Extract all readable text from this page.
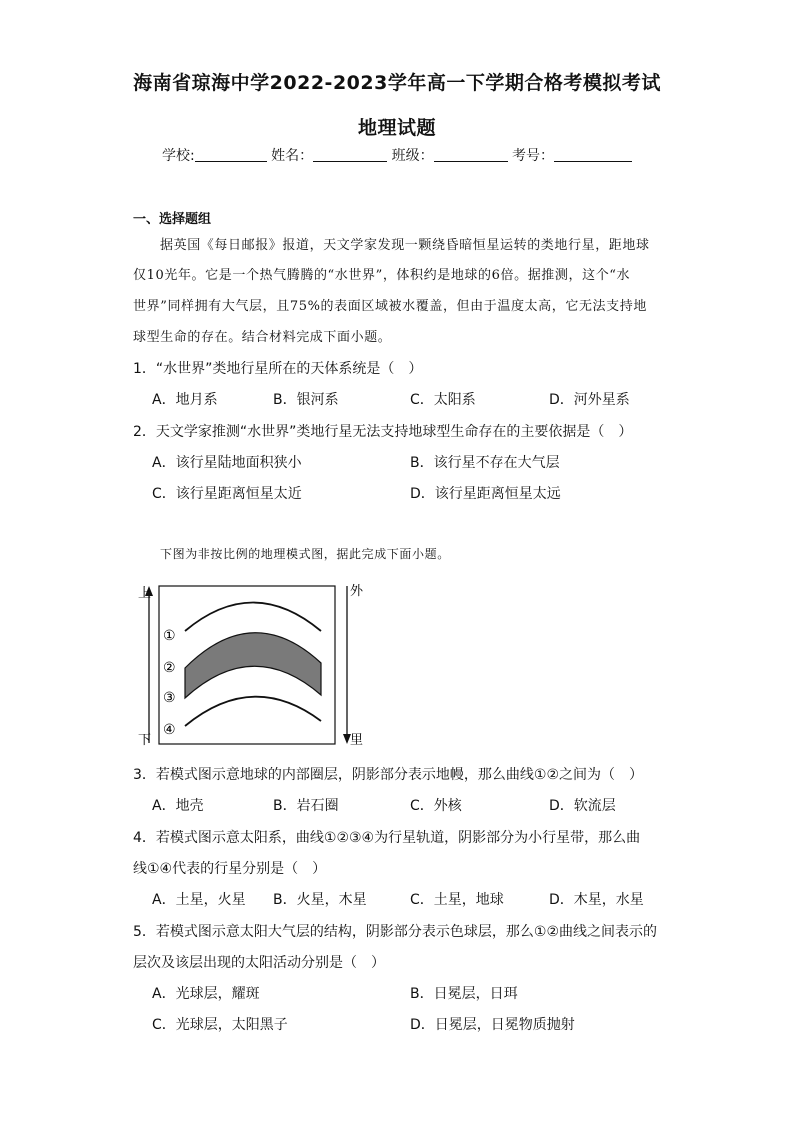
海南省琼海中学2022-2023学年高一下学期合格考模拟考试
地理试题
学校:	姓名：	班级：	考号：
一、选择题组
据英国《每日邮报》报道，天文学家发现一颗绕昏暗恒星运转的类地行星，距地球
仅10光年。它是一个热气腾腾的“水世界”，体积约是地球的6倍。据推测，这个“水
世界”同样拥有大气层，且75%的表面区域被水覆盖，但由于温度太高，它无法支持地
球型生命的存在。结合材料完成下面小题。
1．“水世界”类地行星所在的天体系统是（　）
A．地月系	B．银河系	C．太阳系	D．河外星系
2．天文学家推测“水世界”类地行星无法支持地球型生命存在的主要依据是（　）
A．该行星陆地面积狭小	B．该行星不存在大气层
C．该行星距离恒星太近	D．该行星距离恒星太远
下图为非按比例的地理模式图，据此完成下面小题。
上
下
外
里
①
②
③
④
3．若模式图示意地球的内部圈层，阴影部分表示地幔，那么曲线①②之间为（　）
A．地壳	B．岩石圈	C．外核	D．软流层
4．若模式图示意太阳系，曲线①②③④为行星轨道，阴影部分为小行星带，那么曲
线①④代表的行星分别是（　）
A．土星，火星 B．火星，木星	C．土星，地球	D．木星，水星
5．若模式图示意太阳大气层的结构，阴影部分表示色球层，那么①②曲线之间表示的
层次及该层出现的太阳活动分别是（　）
A．光球层，耀斑	B．日冕层，日珥
C．光球层，太阳黑子	D．日冕层，日冕物质抛射
